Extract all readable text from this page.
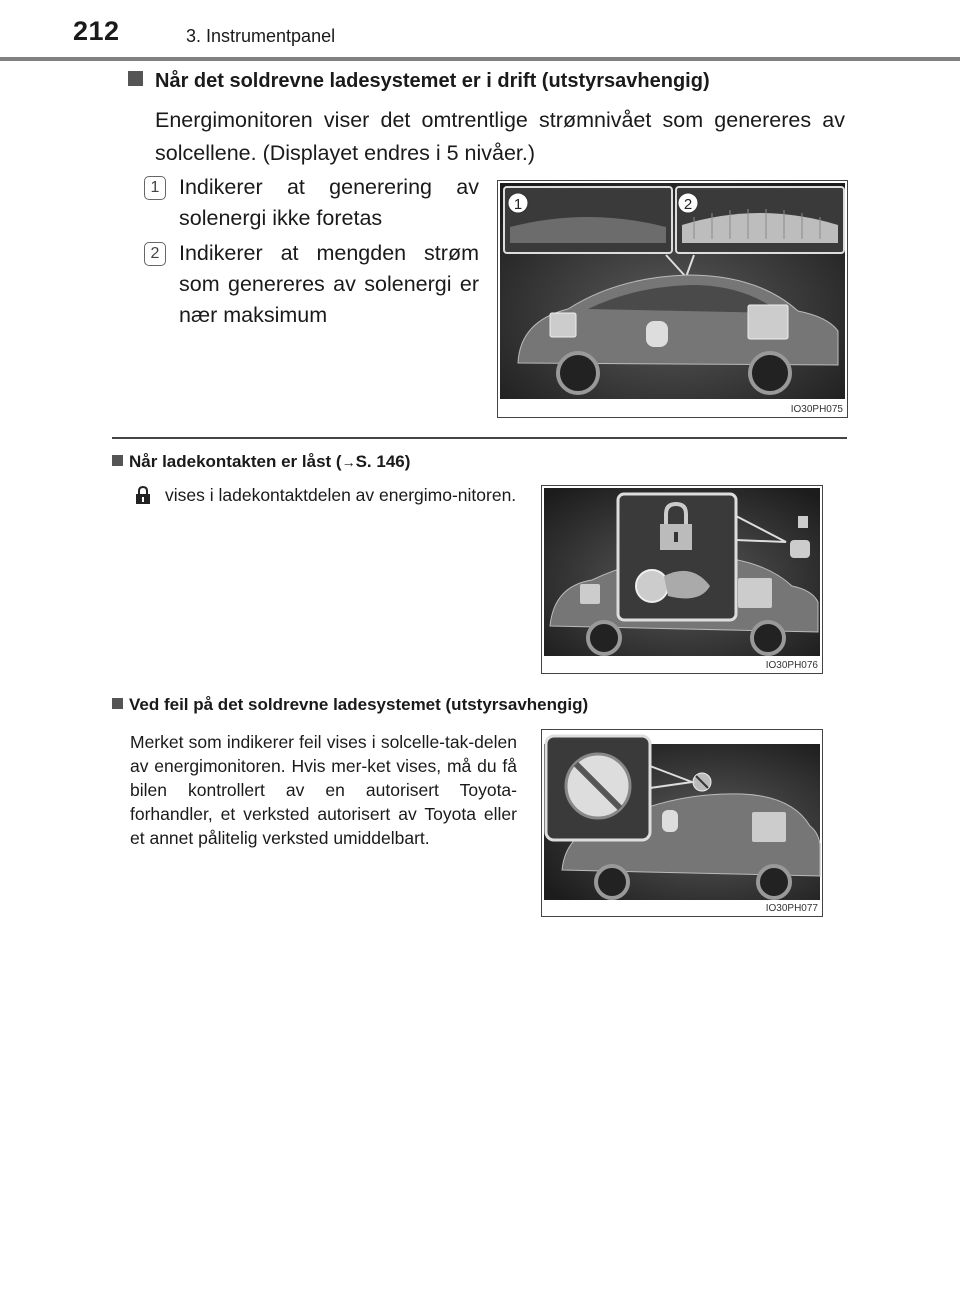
212	3. Instrumentpanel
Når det soldrevne ladesystemet er i drift (utstyrsavhengig)
Energimonitoren viser det omtrentlige strømnivået som genereres av solcellene. (Displayet endres i 5 nivåer.)
1 Indikerer at generering av solenergi ikke foretas
2 Indikerer at mengden strøm som genereres av solenergi er nær maksimum
1	2
IO30PH075
Når ladekontakten er låst (→S. 146)
vises i ladekontaktdelen av energimo-nitoren.
IO30PH076
Ved feil på det soldrevne ladesystemet (utstyrsavhengig)
Merket som indikerer feil vises i solcelle-tak-delen av energimonitoren. Hvis mer-ket vises, må du få bilen kontrollert av en autorisert Toyota-forhandler, et verksted autorisert av Toyota eller et annet pålitelig verksted umiddelbart.
IO30PH077
